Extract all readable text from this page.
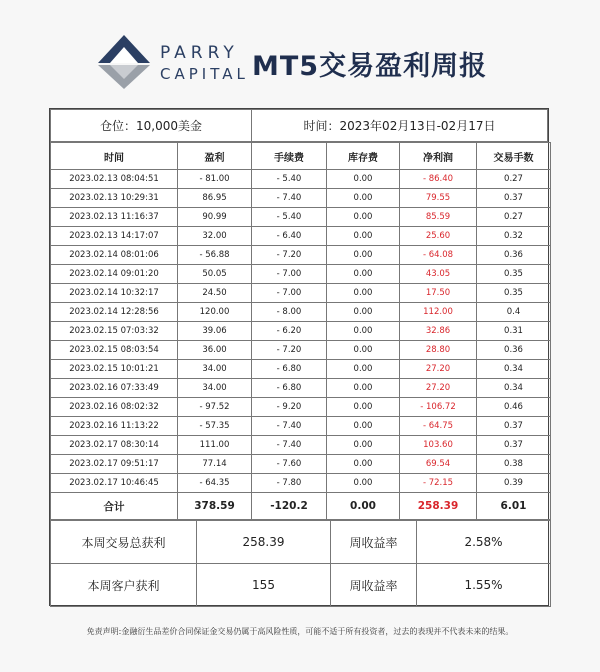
PARRY
CAPITAL MT5交易盈利周报
仓位：10,000美金	时间：2023年02月13日-02月17日
时间	盈利	手续费	库存费	净利润	交易手数
2023.02.13 08:04:51	- 81.00	- 5.40	0.00	- 86.40	0.27
2023.02.13 10:29:31	86.95	- 7.40	0.00	79.55	0.37
2023.02.13 11:16:37	90.99	- 5.40	0.00	85.59	0.27
2023.02.13 14:17:07	32.00	- 6.40	0.00	25.60	0.32
2023.02.14 08:01:06	- 56.88	- 7.20	0.00	- 64.08	0.36
2023.02.14 09:01:20	50.05	- 7.00	0.00	43.05	0.35
2023.02.14 10:32:17	24.50	- 7.00	0.00	17.50	0.35
2023.02.14 12:28:56	120.00	- 8.00	0.00	112.00	0.4
2023.02.15 07:03:32	39.06	- 6.20	0.00	32.86	0.31
2023.02.15 08:03:54	36.00	- 7.20	0.00	28.80	0.36
2023.02.15 10:01:21	34.00	- 6.80	0.00	27.20	0.34
2023.02.16 07:33:49	34.00	- 6.80	0.00	27.20	0.34
2023.02.16 08:02:32	- 97.52	- 9.20	0.00	- 106.72	0.46
2023.02.16 11:13:22	- 57.35	- 7.40	0.00	- 64.75	0.37
2023.02.17 08:30:14	111.00	- 7.40	0.00	103.60	0.37
2023.02.17 09:51:17	77.14	- 7.60	0.00	69.54	0.38
2023.02.17 10:46:45	- 64.35	- 7.80	0.00	- 72.15	0.39
合计	378.59	-120.2	0.00	258.39	6.01
本周交易总获利	258.39	周收益率	2.58%
本周客户获利	155	周收益率	1.55%
免责声明:金融衍生品差价合同保证金交易仍属于高风险性质，可能不适于所有投资者，过去的表现并不代表未来的结果。
